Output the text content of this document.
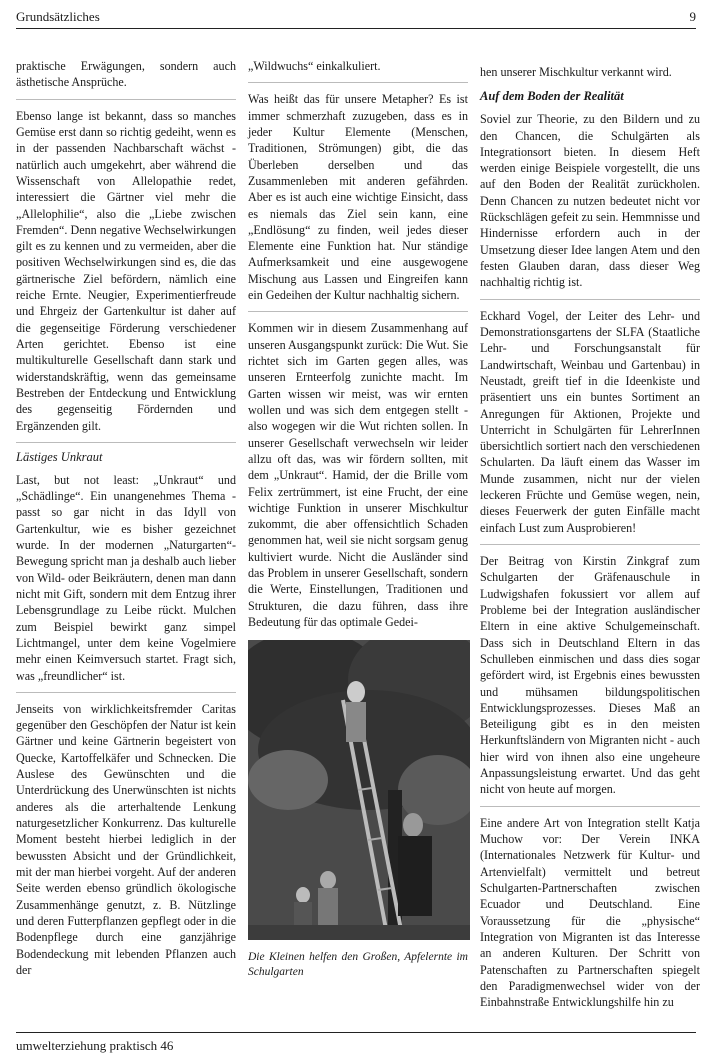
Grundsätzliches	9

praktische Erwägungen, sondern auch ästhetische Ansprüche.

Ebenso lange ist bekannt, dass so manches Gemüse erst dann so richtig gedeiht, wenn es in der passenden Nachbarschaft wächst - natürlich auch umgekehrt, aber während die Wissenschaft von Allelopathie redet, interessiert die Gärtner viel mehr die „Allelophilie“, also die „Liebe zwischen Fremden“. Denn negative Wechselwirkungen gilt es zu kennen und zu vermeiden, aber die positiven Wechselwirkungen sind es, die das gärtnerische Ziel befördern, nämlich eine reiche Ernte. Neugier, Experimentierfreude und Ehrgeiz der Gartenkultur ist daher auf die gegenseitige Förderung verschiedener Arten gerichtet. Ebenso ist eine multikulturelle Gesellschaft dann stark und widerstandskräftig, wenn das gemeinsame Bestreben der Entdeckung und Entwicklung des gegenseitig Fördernden und Ergänzenden gilt.

Lästiges Unkraut

Last, but not least: „Unkraut“ und „Schädlinge“. Ein unangenehmes Thema - passt so gar nicht in das Idyll von Gartenkultur, wie es bisher gezeichnet wurde. In der modernen „Naturgarten“-Bewegung spricht man ja deshalb auch lieber von Wild- oder Beikräutern, denen man dann nicht mit Gift, sondern mit dem Entzug ihrer Lebensgrundlage zu Leibe rückt. Mulchen zum Beispiel bewirkt ganz simpel Lichtmangel, unter dem keine Vogelmiere mehr einen Keimversuch startet. Fragt sich, was „freundlicher“ ist.

Jenseits von wirklichkeitsfremder Caritas gegenüber den Geschöpfen der Natur ist kein Gärtner und keine Gärtnerin begeistert von Quecke, Kartoffelkäfer und Schnecken. Die Auslese des Gewünschten und die Unterdrückung des Unerwünschten ist nichts anderes als die arterhaltende Lenkung naturgesetzlicher Konkurrenz. Das kulturelle Moment besteht hierbei lediglich in der bewussten Absicht und der Gründlichkeit, mit der man hierbei vorgeht. Auf der anderen Seite werden ebenso gründlich ökologische Zusammenhänge genutzt, z. B. Nützlinge und deren Futterpflanzen gepflegt oder in die Bodenpflege durch eine ganzjährige Bodendeckung mit lebenden Pflanzen auch der

„Wildwuchs“ einkalkuliert.

Was heißt das für unsere Metapher? Es ist immer schmerzhaft zuzugeben, dass es in jeder Kultur Elemente (Menschen, Traditionen, Strömungen) gibt, die das Überleben derselben und das Zusammenleben mit anderen gefährden. Aber es ist auch eine wichtige Einsicht, dass es niemals das Ziel sein kann, eine „Endlösung“ zu finden, weil jedes dieser Elemente eine Funktion hat. Nur ständige Aufmerksamkeit und eine ausgewogene Mischung aus Lassen und Eingreifen kann ein Gedeihen der Kultur nachhaltig sichern.

Kommen wir in diesem Zusammenhang auf unseren Ausgangspunkt zurück: Die Wut. Sie richtet sich im Garten gegen alles, was unseren Ernteerfolg zunichte macht. Im Garten wissen wir meist, was wir ernten wollen und was sich dem entgegen stellt - also wogegen wir die Wut richten sollen. In unserer Gesellschaft verwechseln wir leider allzu oft das, was wir fördern sollten, mit dem „Unkraut“. Hamid, der die Brille vom Felix zertrümmert, ist eine Frucht, der eine wichtige Funktion in unserer Mischkultur zukommt, die aber offensichtlich Schaden genommen hat, weil sie nicht sorgsam genug kultiviert wurde. Nicht die Ausländer sind das Problem in unserer Gesellschaft, sondern die Werte, Einstellungen, Traditionen und Strukturen, die dazu führen, dass ihre Bedeutung für das optimale Gedei-

Die Kleinen helfen den Großen, Apfelernte im Schulgarten

hen unserer Mischkultur verkannt wird.

Auf dem Boden der Realität

Soviel zur Theorie, zu den Bildern und zu den Chancen, die Schulgärten als Integrationsort bieten. In diesem Heft werden einige Beispiele vorgestellt, die uns auf den Boden der Realität zurückholen. Denn Chancen zu nutzen bedeutet nicht vor Rückschlägen gefeit zu sein. Hemmnisse und Hindernisse erfordern auch in der Umsetzung dieser Idee langen Atem und den festen Glauben daran, dass dieser Weg nachhaltig richtig ist.

Eckhard Vogel, der Leiter des Lehr- und Demonstrationsgartens der SLFA (Staatliche Lehr- und Forschungsanstalt für Landwirtschaft, Weinbau und Gartenbau) in Neustadt, greift tief in die Ideenkiste und präsentiert uns ein buntes Sortiment an Anregungen für Aktionen, Projekte und Unterricht in Schulgärten für LehrerInnen übersichtlich sortiert nach den verschiedenen Schularten. Da läuft einem das Wasser im Munde zusammen, nicht nur der vielen leckeren Früchte und Gemüse wegen, nein, dieses Feuerwerk der guten Einfälle macht einfach Lust zum Ausprobieren!

Der Beitrag von Kirstin Zinkgraf zum Schulgarten der Gräfenauschule in Ludwigshafen fokussiert vor allem auf Probleme bei der Integration ausländischer Eltern in eine aktive Schulgemeinschaft. Dass sich in Deutschland Eltern in das Schulleben einmischen und dass dies sogar gefördert wird, ist Ergebnis eines bewussten und mühsamen bildungspolitischen Entwicklungsprozesses. Dieses Maß an Beteiligung gibt es in den meisten Herkunftsländern von Migranten nicht - auch hier wird von ihnen also eine ungeheure Anpassungsleistung erwartet. Und das geht nicht von heute auf morgen.

Eine andere Art von Integration stellt Katja Muchow vor: Der Verein INKA (Internationales Netzwerk für Kultur- und Artenvielfalt) vermittelt und betreut Schulgarten-Partnerschaften zwischen Ecuador und Deutschland. Eine Voraussetzung für die „physische“ Integration von Migranten ist das Interesse an anderen Kulturen. Der Schritt von Patenschaften zu Partnerschaften spiegelt den Paradigmenwechsel wider von der Einbahnstraße Entwicklungshilfe hin zu

umwelterziehung praktisch 46
